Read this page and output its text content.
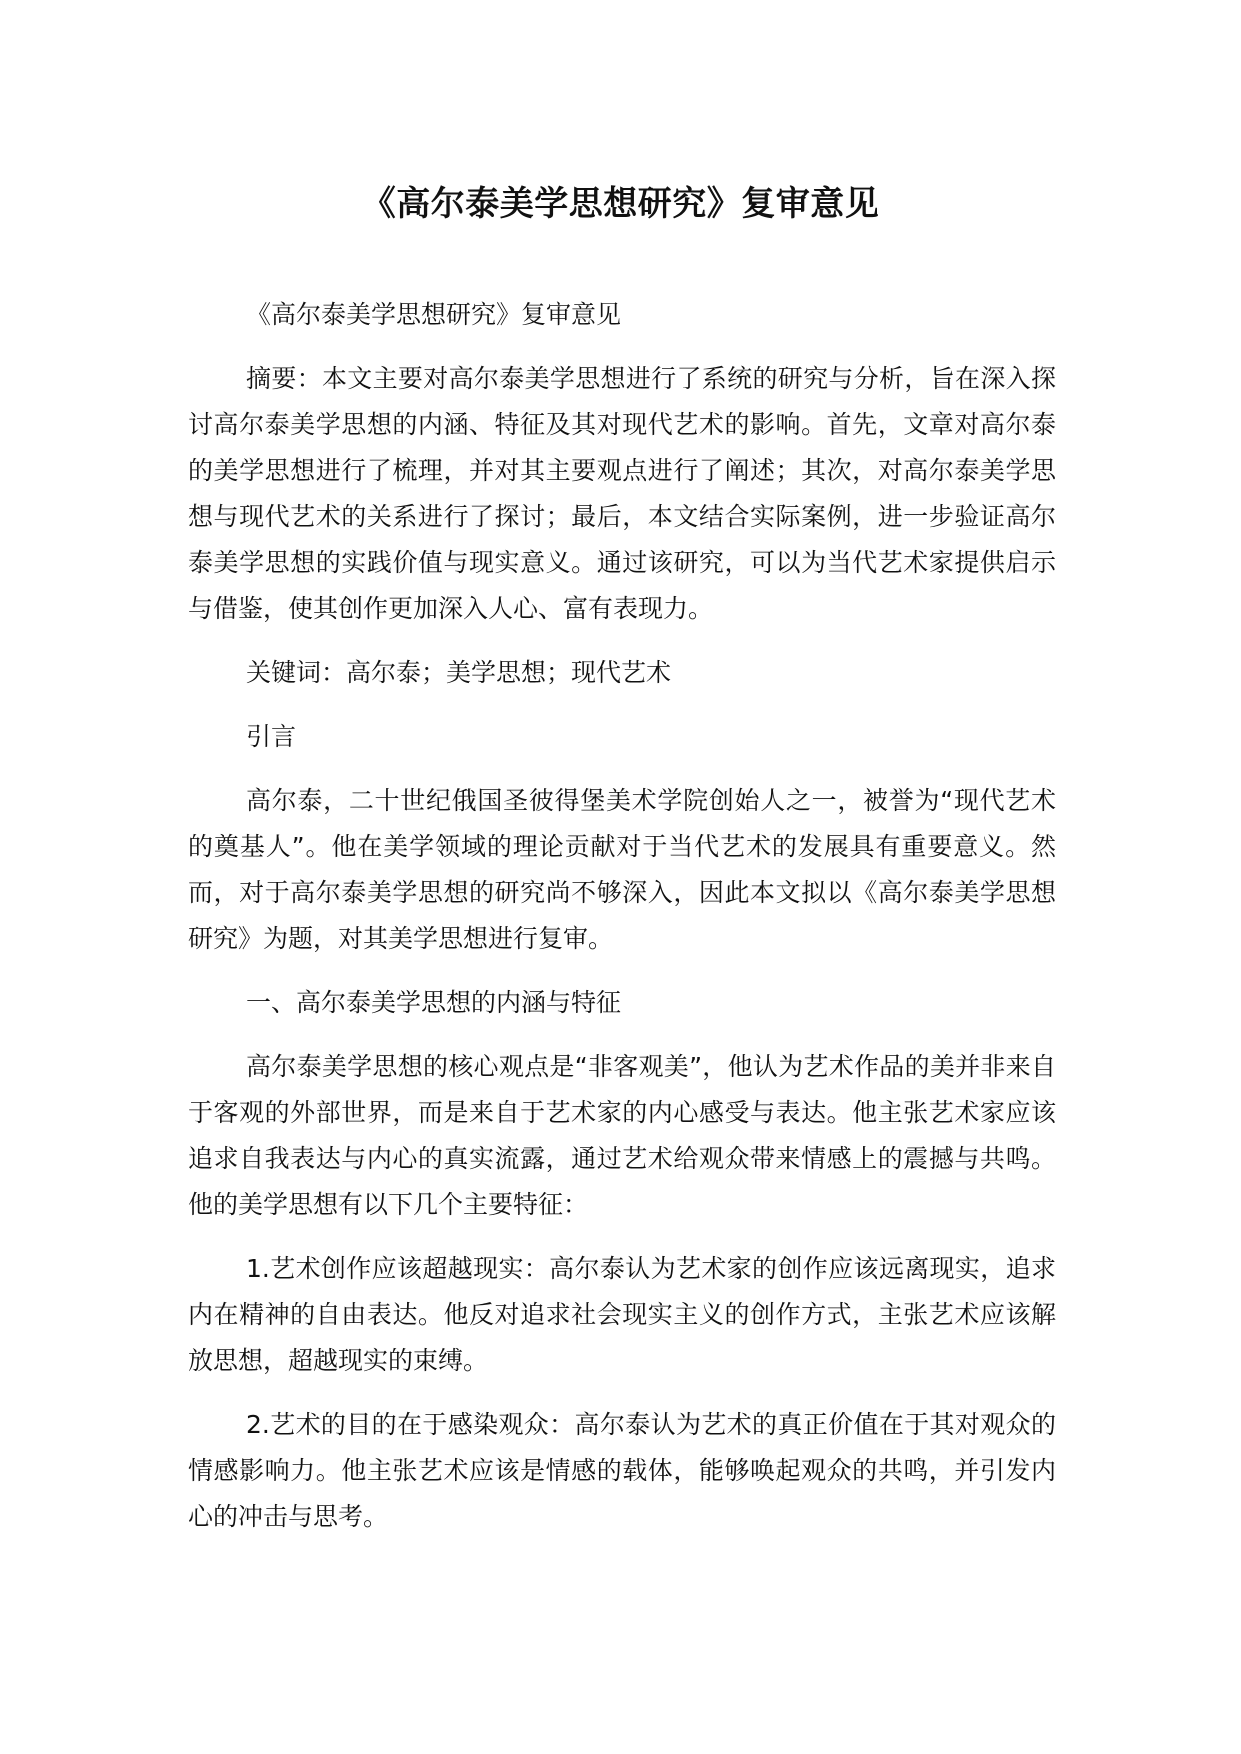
《高尔泰美学思想研究》复审意见

《高尔泰美学思想研究》复审意见

摘要：本文主要对高尔泰美学思想进行了系统的研究与分析，旨在深入探讨高尔泰美学思想的内涵、特征及其对现代艺术的影响。首先，文章对高尔泰的美学思想进行了梳理，并对其主要观点进行了阐述；其次，对高尔泰美学思想与现代艺术的关系进行了探讨；最后，本文结合实际案例，进一步验证高尔泰美学思想的实践价值与现实意义。通过该研究，可以为当代艺术家提供启示与借鉴，使其创作更加深入人心、富有表现力。

关键词：高尔泰；美学思想；现代艺术

引言

高尔泰，二十世纪俄国圣彼得堡美术学院创始人之一，被誉为“现代艺术的奠基人”。他在美学领域的理论贡献对于当代艺术的发展具有重要意义。然而，对于高尔泰美学思想的研究尚不够深入，因此本文拟以《高尔泰美学思想研究》为题，对其美学思想进行复审。

一、高尔泰美学思想的内涵与特征

高尔泰美学思想的核心观点是“非客观美”，他认为艺术作品的美并非来自于客观的外部世界，而是来自于艺术家的内心感受与表达。他主张艺术家应该追求自我表达与内心的真实流露，通过艺术给观众带来情感上的震撼与共鸣。他的美学思想有以下几个主要特征：

1.艺术创作应该超越现实：高尔泰认为艺术家的创作应该远离现实，追求内在精神的自由表达。他反对追求社会现实主义的创作方式，主张艺术应该解放思想，超越现实的束缚。

2.艺术的目的在于感染观众：高尔泰认为艺术的真正价值在于其对观众的情感影响力。他主张艺术应该是情感的载体，能够唤起观众的共鸣，并引发内心的冲击与思考。
